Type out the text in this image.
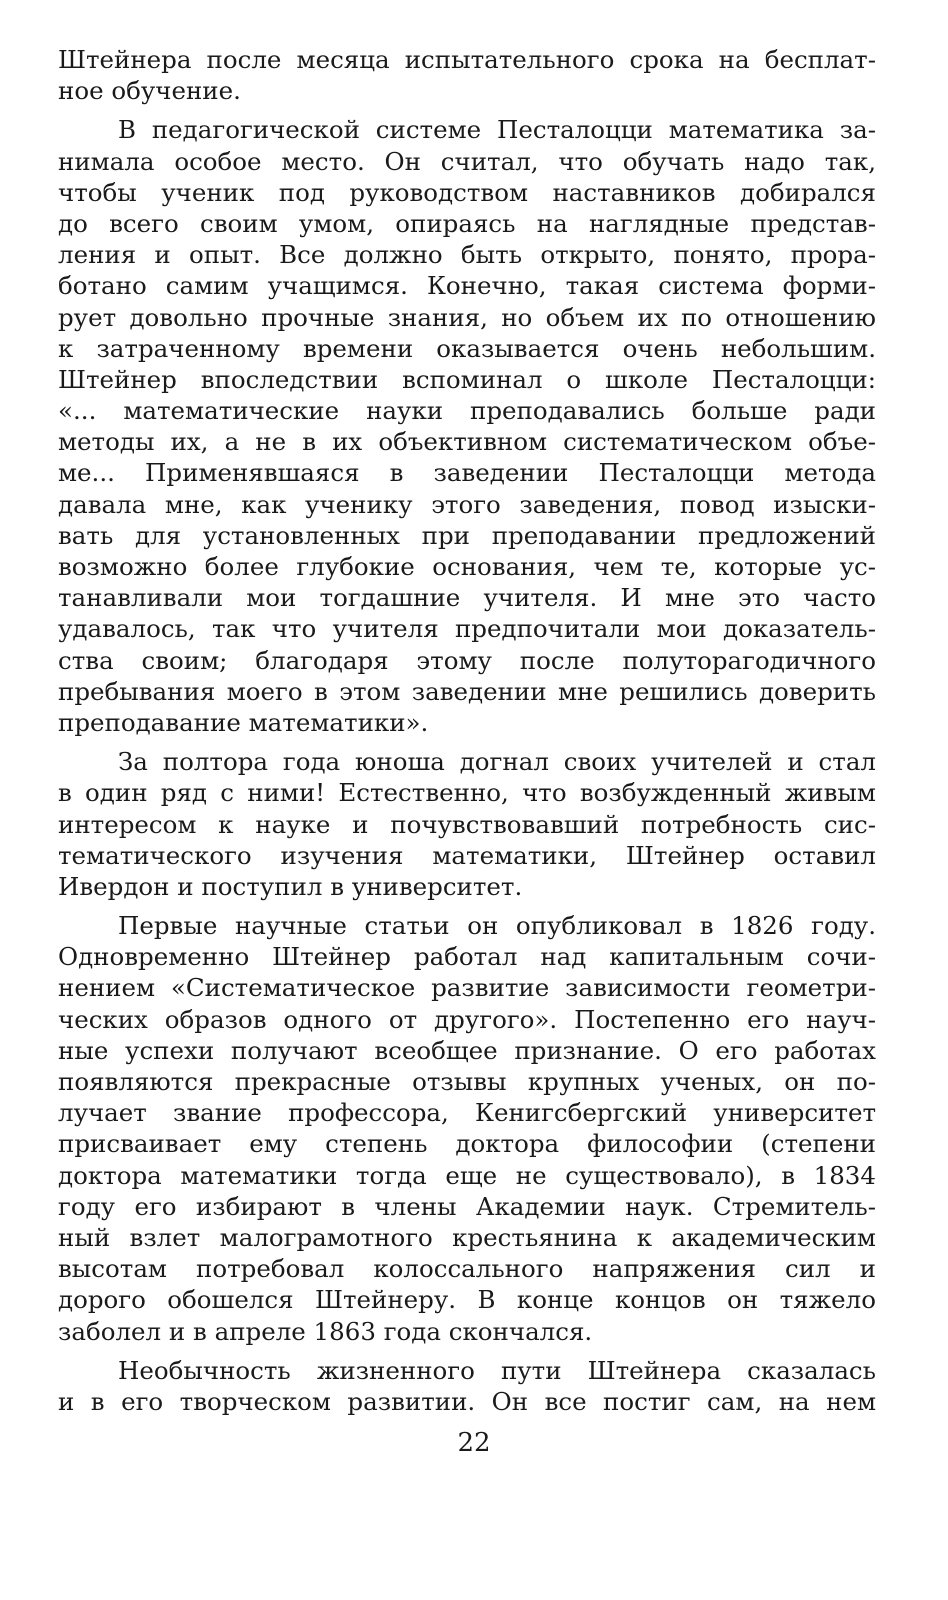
Штейнера после месяца испытательного срока на бесплат-
ное обучение.
В педагогической системе Песталоцци математика за-
нимала особое место. Он считал, что обучать надо так,
чтобы ученик под руководством наставников добирался
до всего своим умом, опираясь на наглядные представ-
ления и опыт. Все должно быть открыто, понято, прора-
ботано самим учащимся. Конечно, такая система форми-
рует довольно прочные знания, но объем их по отношению
к затраченному времени оказывается очень небольшим.
Штейнер впоследствии вспоминал о школе Песталоцци:
«... математические науки преподавались больше ради
методы их, а не в их объективном систематическом объе-
ме... Применявшаяся в заведении Песталоцци метода
давала мне, как ученику этого заведения, повод изыски-
вать для установленных при преподавании предложений
возможно более глубокие основания, чем те, которые ус-
танавливали мои тогдашние учителя. И мне это часто
удавалось, так что учителя предпочитали мои доказатель-
ства своим; благодаря этому после полуторагодичного
пребывания моего в этом заведении мне решились доверить
преподавание математики».
За полтора года юноша догнал своих учителей и стал
в один ряд с ними! Естественно, что возбужденный живым
интересом к науке и почувствовавший потребность сис-
тематического изучения математики, Штейнер оставил
Ивердон и поступил в университет.
Первые научные статьи он опубликовал в 1826 году.
Одновременно Штейнер работал над капитальным сочи-
нением «Систематическое развитие зависимости геометри-
ческих образов одного от другого». Постепенно его науч-
ные успехи получают всеобщее признание. О его работах
появляются прекрасные отзывы крупных ученых, он по-
лучает звание профессора, Кенигсбергский университет
присваивает ему степень доктора философии (степени
доктора математики тогда еще не существовало), в 1834
году его избирают в члены Академии наук. Стремитель-
ный взлет малограмотного крестьянина к академическим
высотам потребовал колоссального напряжения сил и
дорого обошелся Штейнеру. В конце концов он тяжело
заболел и в апреле 1863 года скончался.
Необычность жизненного пути Штейнера сказалась
и в его творческом развитии. Он все постиг сам, на нем
22
